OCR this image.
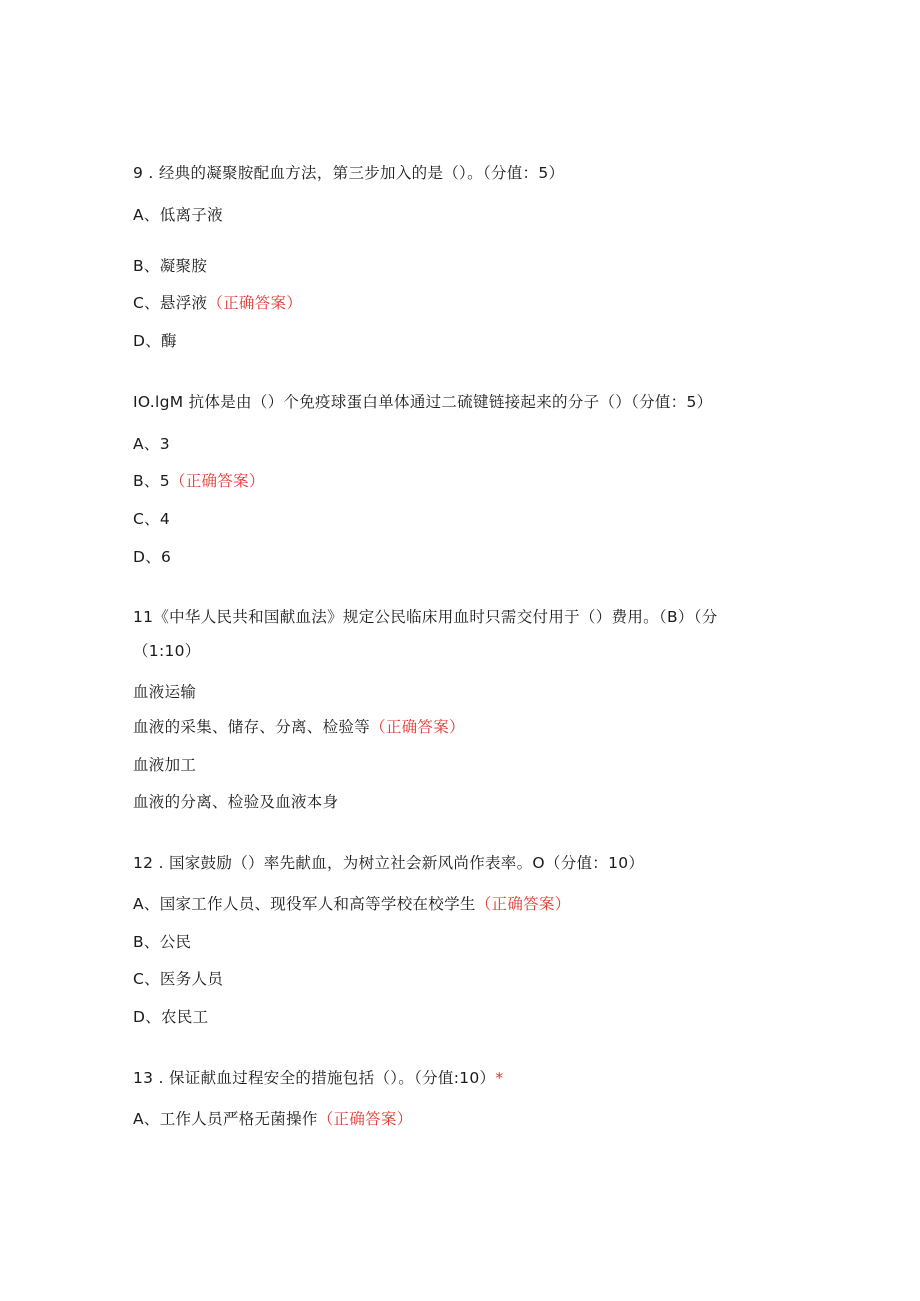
9 . 经典的凝聚胺配血方法，第三步加入的是（）。（分值：5）
A、低离子液
B、凝聚胺
C、悬浮液（正确答案）
D、酶
IO.lgM 抗体是由（）个免疫球蛋白单体通过二硫键链接起来的分子（）（分值：5）
A、3
B、5（正确答案）
C、4
D、6
11《中华人民共和国献血法》规定公民临床用血时只需交付用于（）费用。（B）（分
（1:10）
血液运输
血液的采集、储存、分离、检验等（正确答案）
血液加工
血液的分离、检验及血液本身
12 . 国家鼓励（）率先献血，为树立社会新风尚作表率。O（分值：10）
A、国家工作人员、现役军人和高等学校在校学生（正确答案）
B、公民
C、医务人员
D、农民工
13 . 保证献血过程安全的措施包括（）。（分值:10）*
A、工作人员严格无菌操作（正确答案）
